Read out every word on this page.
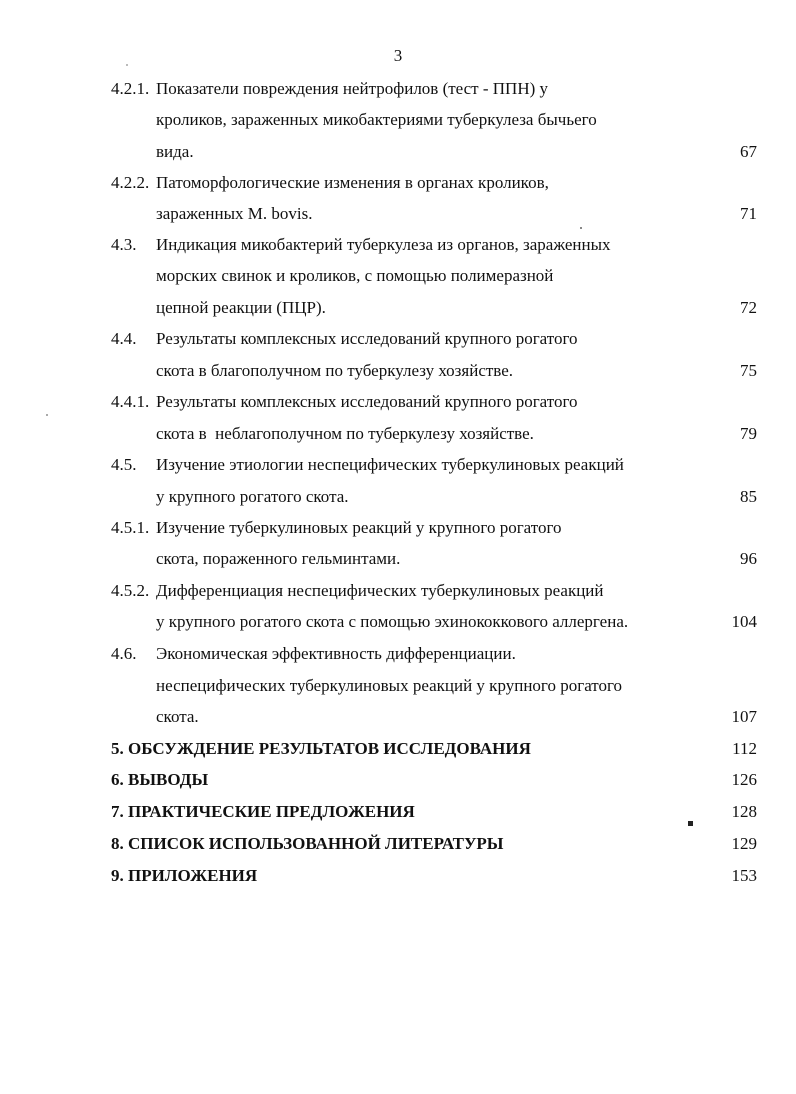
3
4.2.1. Показатели повреждения нейтрофилов (тест - ППН) у
кроликов, зараженных микобактериями туберкулеза бычьего
вида.	67
4.2.2. Патоморфологические изменения в органах кроликов,
зараженных M. bovis.	71
4.3. Индикация микобактерий туберкулеза из органов, зараженных
морских свинок и кроликов, с помощью полимеразной
цепной реакции (ПЦР).	72
4.4. Результаты комплексных исследований крупного рогатого
скота в благополучном по туберкулезу хозяйстве.	75
4.4.1. Результаты комплексных исследований крупного рогатого
скота в  неблагополучном по туберкулезу хозяйстве.	79
4.5. Изучение этиологии неспецифических туберкулиновых реакций
у крупного рогатого скота.	85
4.5.1. Изучение туберкулиновых реакций у крупного рогатого
скота, пораженного гельминтами.	96
4.5.2. Дифференциация неспецифических туберкулиновых реакций
у крупного рогатого скота с помощью эхинококкового аллергена.	104
4.6. Экономическая эффективность дифференциации.
неспецифических туберкулиновых реакций у крупного рогатого
скота.	107
5. ОБСУЖДЕНИЕ РЕЗУЛЬТАТОВ ИССЛЕДОВАНИЯ	112
6. ВЫВОДЫ	126
7. ПРАКТИЧЕСКИЕ ПРЕДЛОЖЕНИЯ	128
8. СПИСОК ИСПОЛЬЗОВАННОЙ ЛИТЕРАТУРЫ	129
9. ПРИЛОЖЕНИЯ	153
